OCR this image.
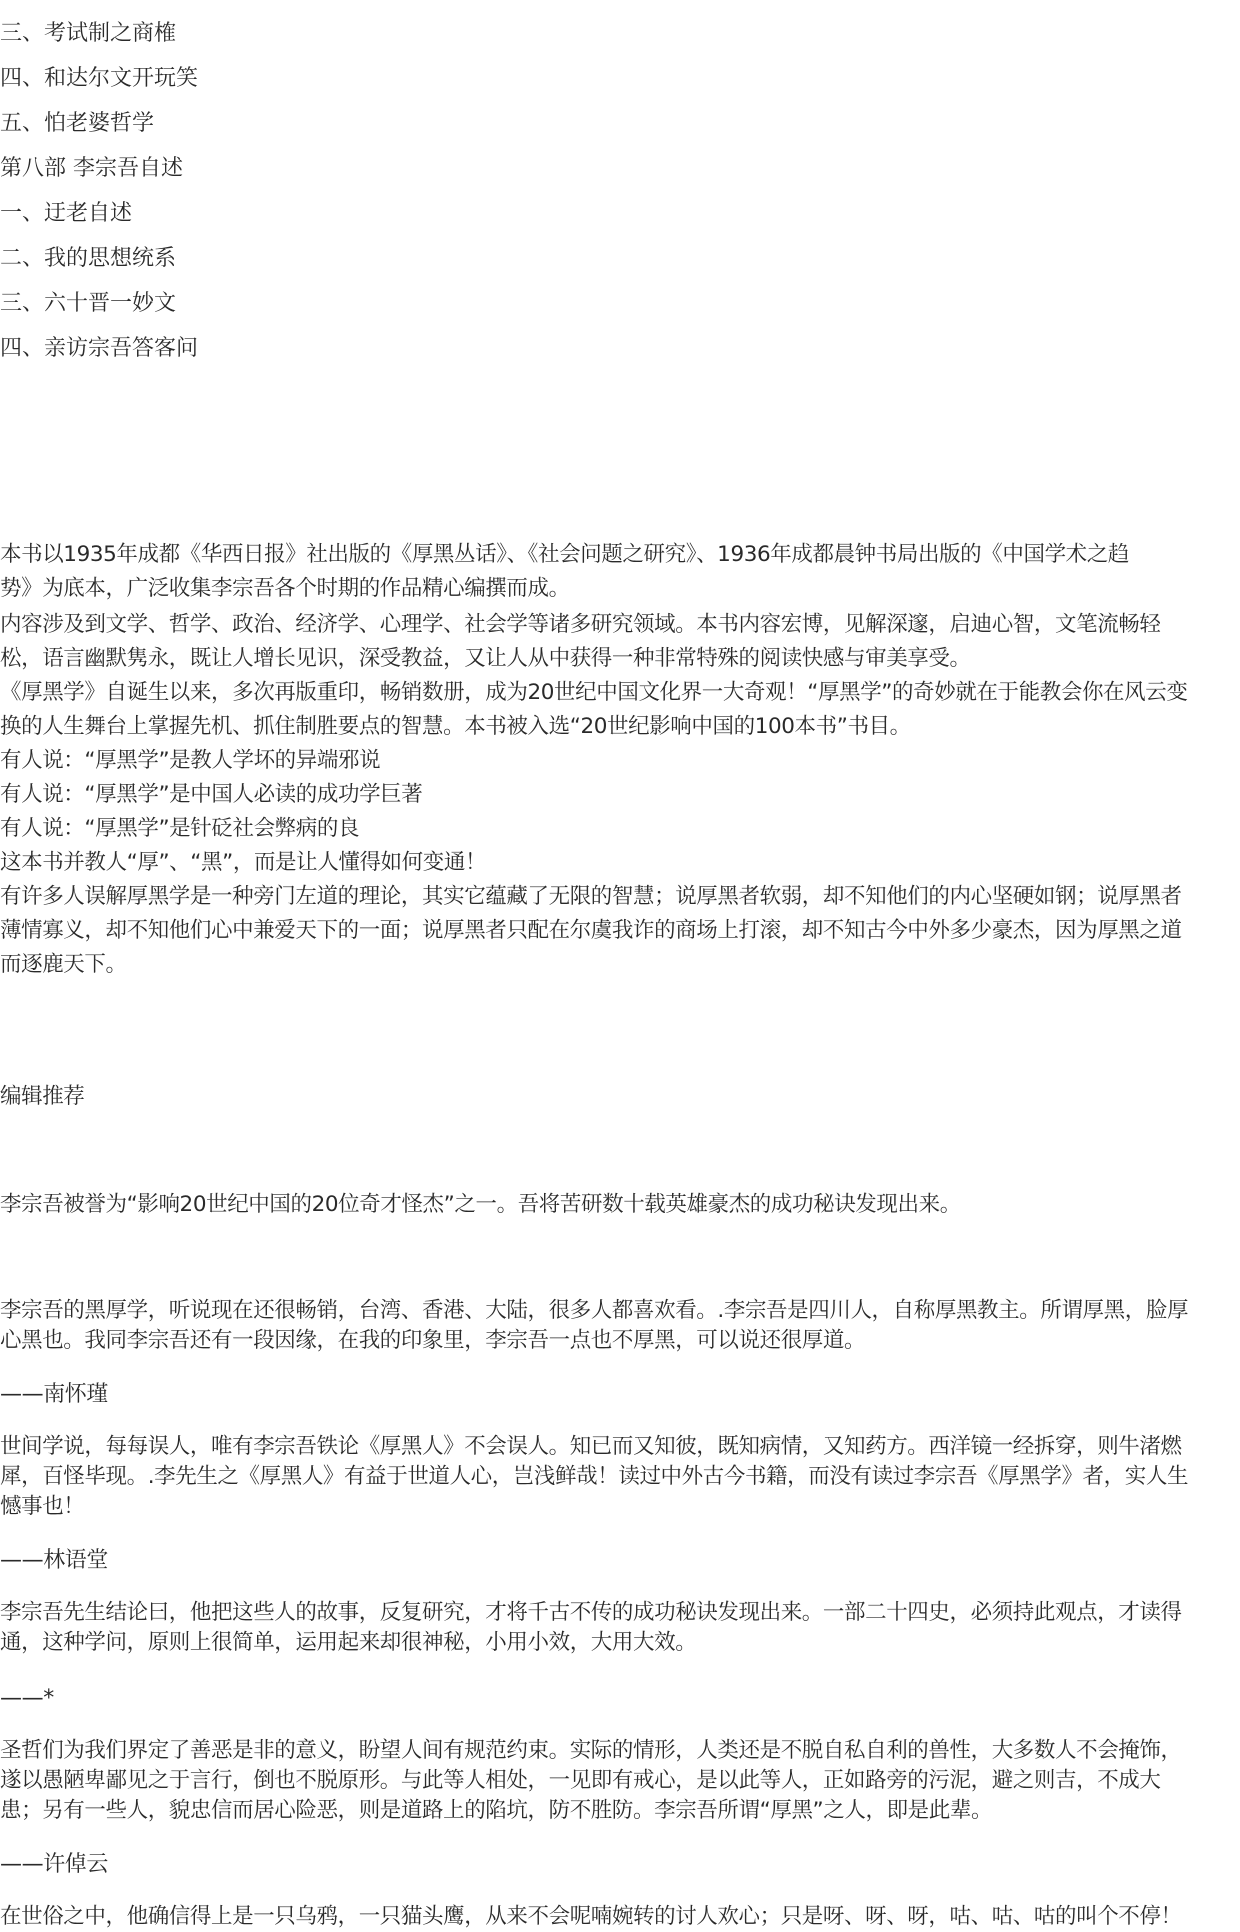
三、考试制之商榷
四、和达尔文开玩笑
五、怕老婆哲学
第八部 李宗吾自述
一、迂老自述
二、我的思想统系
三、六十晋一妙文
四、亲访宗吾答客问
本书以1935年成都《华西日报》社出版的《厚黑丛话》、《社会问题之研究》、1936年成都晨钟书局出版的《中国学术之趋
势》为底本，广泛收集李宗吾各个时期的作品精心编撰而成。
内容涉及到文学、哲学、政治、经济学、心理学、社会学等诸多研究领域。本书内容宏博，见解深邃，启迪心智，文笔流畅轻
松，语言幽默隽永，既让人增长见识，深受教益，又让人从中获得一种非常特殊的阅读快感与审美享受。
《厚黑学》自诞生以来，多次再版重印，畅销数册，成为20世纪中国文化界一大奇观！“厚黑学”的奇妙就在于能教会你在风云变
换的人生舞台上掌握先机、抓住制胜要点的智慧。本书被入选“20世纪影响中国的100本书”书目。
有人说：“厚黑学”是教人学坏的异端邪说
有人说：“厚黑学”是中国人必读的成功学巨著
有人说：“厚黑学”是针砭社会弊病的良
这本书并教人“厚”、“黑”，而是让人懂得如何变通！
有许多人误解厚黑学是一种旁门左道的理论，其实它蕴藏了无限的智慧；说厚黑者软弱，却不知他们的内心坚硬如钢；说厚黑者
薄情寡义，却不知他们心中兼爱天下的一面；说厚黑者只配在尔虞我诈的商场上打滚，却不知古今中外多少豪杰，因为厚黑之道
而逐鹿天下。
编辑推荐
李宗吾被誉为“影响20世纪中国的20位奇才怪杰”之一。吾将苦研数十载英雄豪杰的成功秘诀发现出来。
李宗吾的黑厚学，听说现在还很畅销，台湾、香港、大陆，很多人都喜欢看。.李宗吾是四川人，自称厚黑教主。所谓厚黑，脸厚
心黑也。我同李宗吾还有一段因缘，在我的印象里，李宗吾一点也不厚黑，可以说还很厚道。
——南怀瑾
世间学说，每每误人，唯有李宗吾铁论《厚黑人》不会误人。知已而又知彼，既知病情，又知药方。西洋镜一经拆穿，则牛渚燃
犀，百怪毕现。.李先生之《厚黑人》有益于世道人心，岂浅鲜哉！读过中外古今书籍，而没有读过李宗吾《厚黑学》者，实人生
憾事也！
——林语堂
李宗吾先生结论曰，他把这些人的故事，反复研究，才将千古不传的成功秘诀发现出来。一部二十四史，必须持此观点，才读得
通，这种学问，原则上很简单，运用起来却很神秘，小用小效，大用大效。
——*
圣哲们为我们界定了善恶是非的意义，盼望人间有规范约束。实际的情形，人类还是不脱自私自利的兽性，大多数人不会掩饰，
遂以愚陋卑鄙见之于言行，倒也不脱原形。与此等人相处，一见即有戒心，是以此等人，正如路旁的污泥，避之则吉，不成大
患；另有一些人，貌忠信而居心险恶，则是道路上的陷坑，防不胜防。李宗吾所谓“厚黑”之人，即是此辈。
——许倬云
在世俗之中，他确信得上是一只乌鸦，一只猫头鹰，从来不会呢喃婉转的讨人欢心；只是呀、呀、呀，咕、咕、咕的叫个不停！
